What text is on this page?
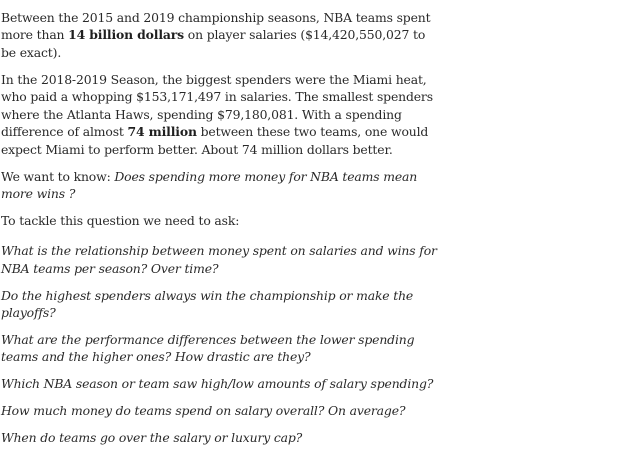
Between the 2015 and 2019 championship seasons, NBA teams spent more than 14 billion dollars on player salaries ($14,420,550,027 to be exact).

In the 2018-2019 Season, the biggest spenders were the Miami heat, who paid a whopping $153,171,497 in salaries. The smallest spenders where the Atlanta Haws, spending $79,180,081. With a spending difference of almost 74 million between these two teams, one would expect Miami to perform better. About 74 million dollars better.

We want to know: Does spending more money for NBA teams mean more wins ?

To tackle this question we need to ask:

What is the relationship between money spent on salaries and wins for NBA teams per season? Over time?

Do the highest spenders always win the championship or make the playoffs?

What are the performance differences between the lower spending teams and the higher ones? How drastic are they?

Which NBA season or team saw high/low amounts of salary spending?

How much money do teams spend on salary overall? On average?

When do teams go over the salary or luxury cap?
